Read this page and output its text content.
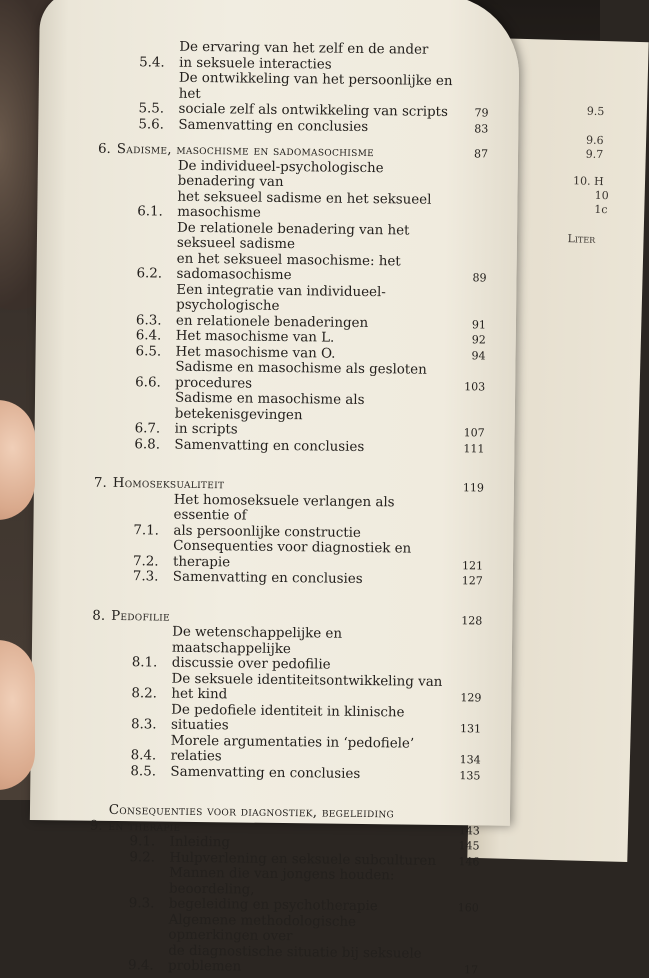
9.5
9.6
9.7
10. H
10
1c
Liter
5.4.
De ervaring van het zelf en de ander
in seksuele interacties
5.5.
De ontwikkeling van het persoonlijke en het
sociale zelf als ontwikkeling van scripts	79
5.6.	Samenvatting en conclusies	83
6. Sadisme, masochisme en sadomasochisme	87
6.1.
De individueel-psychologische benadering van
het seksueel sadisme en het seksueel masochisme
6.2.
De relationele benadering van het seksueel sadisme
en het seksueel masochisme: het sadomasochisme	89
6.3.
Een integratie van individueel-psychologische
en relationele benaderingen	91
6.4.	Het masochisme van L.	92
6.5.	Het masochisme van O.	94
6.6.
Sadisme en masochisme als gesloten procedures	103
6.7.
Sadisme en masochisme als betekenisgevingen
in scripts	107
6.8.	Samenvatting en conclusies	111
7. Homoseksualiteit	119
7.1.
Het homoseksuele verlangen als essentie of
als persoonlijke constructie
7.2.
Consequenties voor diagnostiek en therapie	121
7.3.	Samenvatting en conclusies	127
8. Pedofilie	128
8.1.
De wetenschappelijke en maatschappelijke
discussie over pedofilie
8.2.
De seksuele identiteitsontwikkeling van het kind	129
8.3.
De pedofiele identiteit in klinische situaties	131
8.4.
Morele argumentaties in ‘pedofiele’ relaties	134
8.5.	Samenvatting en conclusies	135
9.
Consequenties voor diagnostiek, begeleiding
en therapie	143
9.1.	Inleiding	145
9.2.	Hulpverlening en seksuele subculturen	146
9.3.
Mannen die van jongens houden: beoordeling,
begeleiding en psychotherapie	160
9.4.
Algemene methodologische opmerkingen over
de diagnostische situatie bij seksuele problemen	17
